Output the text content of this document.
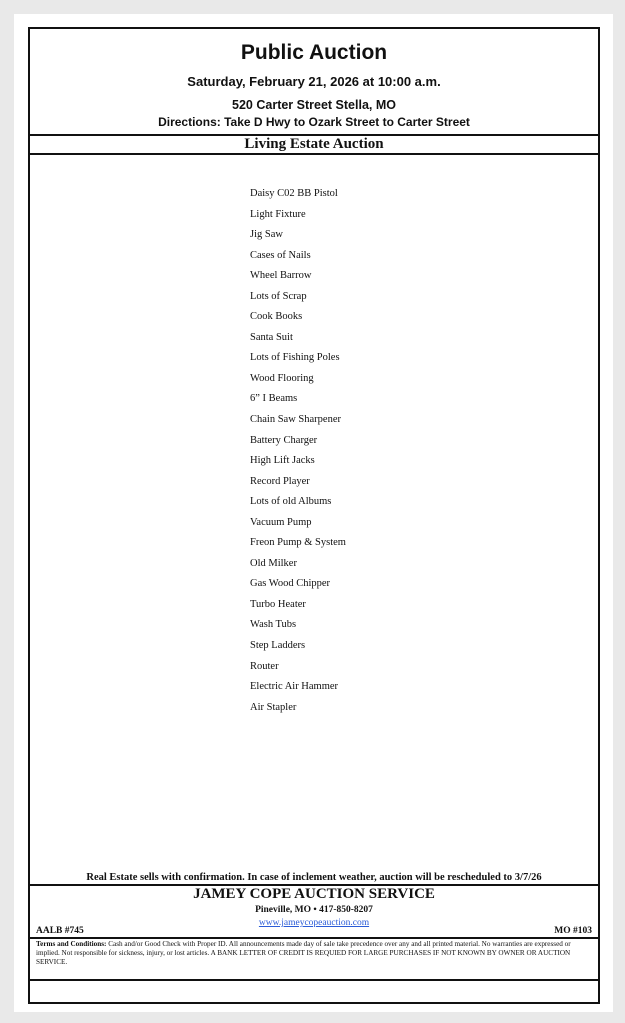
Public Auction
Saturday, February 21, 2026 at 10:00 a.m.
520 Carter Street Stella, MO
Directions: Take D Hwy to Ozark Street to Carter Street
Living Estate Auction
Daisy C02 BB Pistol
Light Fixture
Jig Saw
Cases of Nails
Wheel Barrow
Lots of Scrap
Cook Books
Santa Suit
Lots of Fishing Poles
Wood Flooring
6” I Beams
Chain Saw Sharpener
Battery Charger
High Lift Jacks
Record Player
Lots of old Albums
Vacuum Pump
Freon Pump & System
Old Milker
Gas Wood Chipper
Turbo Heater
Wash Tubs
Step Ladders
Router
Electric Air Hammer
Air Stapler
Real Estate sells with confirmation. In case of inclement weather, auction will be rescheduled to 3/7/26
JAMEY COPE AUCTION SERVICE
Pineville, MO • 417-850-8207
www.jameycopeauction.com
AALB #745	MO #103
Terms and Conditions: Cash and/or Good Check with Proper ID. All announcements made day of sale take precedence over any and all printed material. No warranties are expressed or implied. Not responsible for sickness, injury, or lost articles. A BANK LETTER OF CREDIT IS REQUIED FOR LARGE PURCHASES IF NOT KNOWN BY OWNER OR AUCTION SERVICE.
